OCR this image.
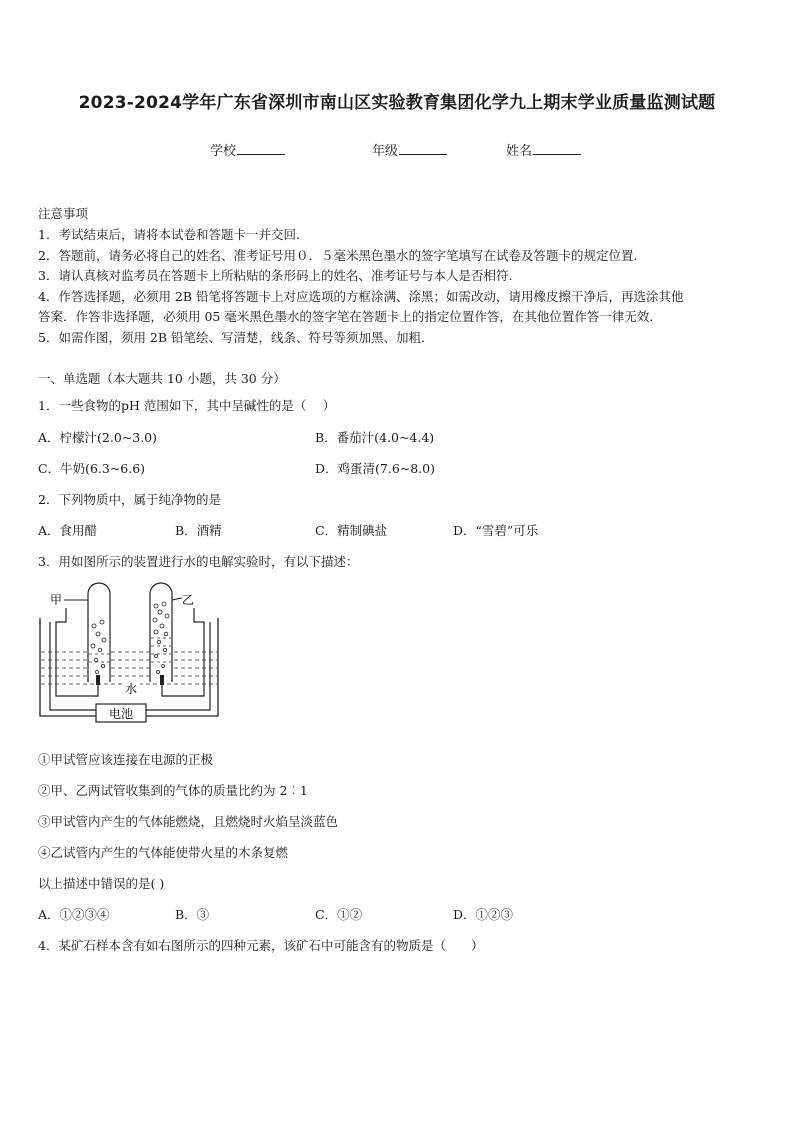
2023-2024学年广东省深圳市南山区实验教育集团化学九上期末学业质量监测试题
学校	年级	姓名
注意事项
1．考试结束后，请将本试卷和答题卡一并交回.
2．答题前，请务必将自己的姓名、准考证号用０．５毫米黑色墨水的签字笔填写在试卷及答题卡的规定位置.
3．请认真核对监考员在答题卡上所粘贴的条形码上的姓名、准考证号与本人是否相符.
4．作答选择题，必须用 2B 铅笔将答题卡上对应选项的方框涂满、涂黑；如需改动，请用橡皮擦干净后，再选涂其他
答案．作答非选择题，必须用 05 毫米黑色墨水的签字笔在答题卡上的指定位置作答，在其他位置作答一律无效．
5．如需作图，须用 2B 铅笔绘、写清楚，线条、符号等须加黑、加粗．
一、单选题（本大题共 10 小题，共 30 分）
1．一些食物的pH 范围如下，其中呈碱性的是（　 ）
A．柠檬汁(2.0~3.0)	B．番茄汁(4.0~4.4)
C．牛奶(6.3~6.6)	D．鸡蛋清(7.6~8.0)
2．下列物质中，属于纯净物的是
A．食用醋	B．酒精	C．精制碘盐	D．“雪碧”可乐
3．用如图所示的装置进行水的电解实验时，有以下描述：
电池
甲	乙
水
①甲试管应该连接在电源的正极
②甲、乙两试管收集到的气体的质量比约为 2︰1
③甲试管内产生的气体能燃烧，且燃烧时火焰呈淡蓝色
④乙试管内产生的气体能使带火星的木条复燃
以上描述中错误的是( )
A．①②③④	B．③	C．①②	D．①②③
4．某矿石样本含有如右图所示的四种元素，该矿石中可能含有的物质是（　　）
